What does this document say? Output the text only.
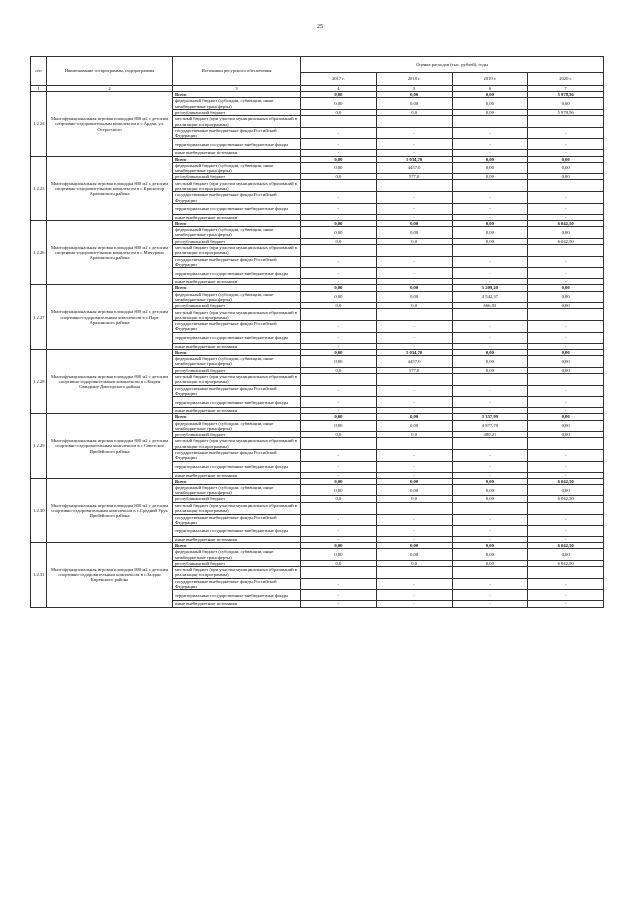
25
п/п	Наименование госпрограммы, подпрограммы	Источники ресурсного обеспечения	Оценка расходов (тыс. рублей), годы			
			2017 г.	2018 г.	2019 г.	2020 г.
1	2	3	4	5	6	7
1.2.24	Многофункциональная игровая площадка 800 м2 с детским спортивно-оздоровительным комплексом в с.Ардан, ул. Острогского	Всего	0,00	0,00	0,00	5 978,56
		федеральный бюджет (субсидии, субвенции, иные межбюджетные трансферты)	0,00	0,00	0,00	0,00
		республиканский бюджет	0,0	0,0	0,00	5 978,56
		местный бюджет (при участии муниципальных образований в реализации госпрограммы)				
		государственные внебюджетные фонды Российской Федерации	-	-	-	-
		территориальные государственные внебюджетные фонды	-	-	-	-
		иные внебюджетные источники	-	-	-	-
1.2.25	Многофункциональная игровая площадка 800 м2 с детским спортивно-оздоровительным комплексом в с.Красногор Арахинского района	Всего	0,00	5 034,70	0,00	0,00
		федеральный бюджет (субсидии, субвенции, иные межбюджетные трансферты)	0,00	4457,0	0,00	0,00
		республиканский бюджет	0,0	577,0	0,00	0,00
		местный бюджет (при участии муниципальных образований в реализации госпрограммы)				
		государственные внебюджетные фонды Российской Федерации	-	-	-	-
		территориальные государственные внебюджетные фонды	-	-	-	-
		иные внебюджетные источники	-	-	-	-
1.2.26	Многофункциональная игровая площадка 800 м2 с детским спортивно-оздоровительным комплексом в с.Мичурино Арахинского района	Всего	0,00	0,00	0,00	6 042,50
		федеральный бюджет (субсидии, субвенции, иные межбюджетные трансферты)	0,00	0,00	0,00	0,00
		республиканский бюджет	0,0	0,0	0,00	6 042,50
		местный бюджет (при участии муниципальных образований в реализации госпрограммы)				
		государственные внебюджетные фонды Российской Федерации	-	-	-	-
		территориальные государственные внебюджетные фонды	-	-	-	-
		иные внебюджетные источники	-	-	-	-
1.2.27	Многофункциональная игровая площадка 800 м2 с детским спортивно-оздоровительным комплексом в с.Парт Арахинского района	Всего	0,00	0,00	5 209,20	0,00
		федеральный бюджет (субсидии, субвенции, иные межбюджетные трансферты)	0,00	0,00	4 542,37	0,00
		республиканский бюджет	0,0	0,0	666,83	0,00
		местный бюджет (при участии муниципальных образований в реализации госпрограммы)				
		государственные внебюджетные фонды Российской Федерации	-	-	-	-
		территориальные государственные внебюджетные фонды	-	-	-	-
		иные внебюджетные источники	-	-	-	-
1.2.28	Многофункциональная игровая площадка 800 м2 с детским спортивно-оздоровительным комплексом в с.Кырен Саяндыну Дмогорского района	Всего	0,00	5 034,70	0,00	0,00
		федеральный бюджет (субсидии, субвенции, иные межбюджетные трансферты)	0,00	4457,0	0,00	0,00
		республиканский бюджет	0,0	577,0	0,00	0,00
		местный бюджет (при участии муниципальных образований в реализации госпрограммы)				
		государственные внебюджетные фонды Российской Федерации	-	-	-	-
		территориальные государственные внебюджетные фонды	-	-	-	-
		иные внебюджетные источники	-	-	-	-
1.2.29	Многофункциональная игровая площадка 800 м2 с детским спортивно-оздоровительным комплексом в с.Советское Ирибейского района	Всего	0,00	0,00	5 357,99	0,00
		федеральный бюджет (субсидии, субвенции, иные межбюджетные трансферты)	0,00	0,00	4 877,78	0,00
		республиканский бюджет	0,0	0,0	480,21	0,00
		местный бюджет (при участии муниципальных образований в реализации госпрограммы)				
		государственные внебюджетные фонды Российской Федерации	-	-	-	-
		территориальные государственные внебюджетные фонды	-	-	-	-
		иные внебюджетные источники	-	-	-	-
1.2.30	Многофункциональная игровая площадка 800 м2 с детским спортивно-оздоровительным комплексом в с.Средний Урук Ирибейского района	Всего	0,00	0,00	0,00	6 042,50
		федеральный бюджет (субсидии, субвенции, иные межбюджетные трансферты)	0,00	0,00	0,00	0,00
		республиканский бюджет	0,0	0,0	0,00	6 042,50
		местный бюджет (при участии муниципальных образований в реализации госпрограммы)				
		государственные внебюджетные фонды Российской Федерации	-	-	-	-
		территориальные государственные внебюджетные фонды	-	-	-	-
		иные внебюджетные источники	-	-	-	-
1.2.31	Многофункциональная игровая площадка 800 м2 с детским спортивно-оздоровительным комплексом в с.Залдан Киренского района	Всего	0,00	0,00	0,00	6 042,50
		федеральный бюджет (субсидии, субвенции, иные межбюджетные трансферты)	0,00	0,00	0,00	0,00
		республиканский бюджет	0,0	0,0	0,00	6 042,50
		местный бюджет (при участии муниципальных образований в реализации госпрограммы)				
		государственные внебюджетные фонды Российской Федерации	-	-	-	-
		территориальные государственные внебюджетные фонды	-	-	-	-
		иные внебюджетные источники	-	-	-	-
